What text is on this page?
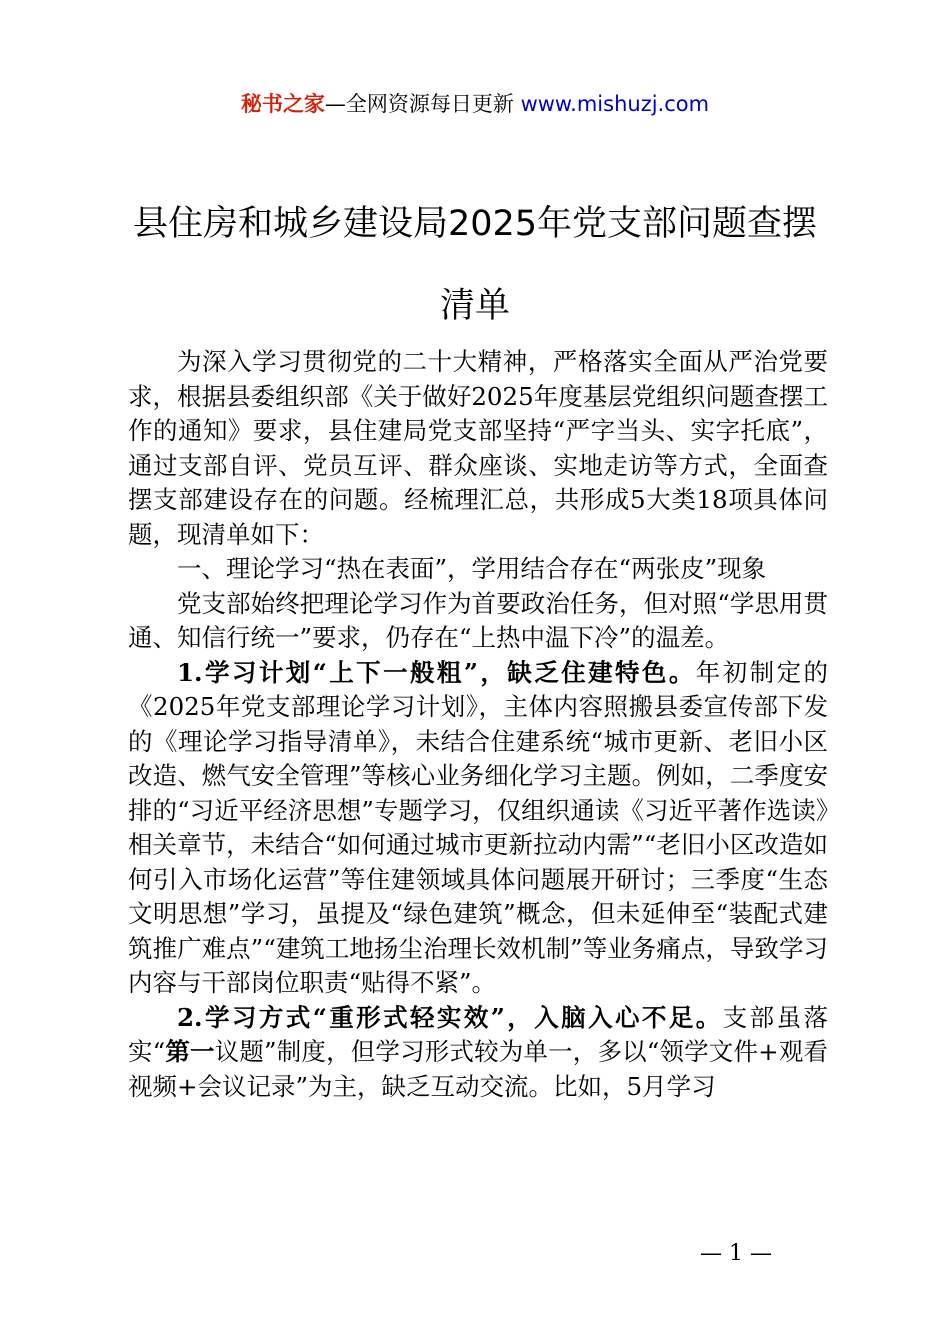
秘书之家—全网资源每日更新 www.mishuzj.com
县住房和城乡建设局2025年党支部问题查摆
清单

为深入学习贯彻党的二十大精神，严格落实全面从严治党要求，根据县委组织部《关于做好2025年度基层党组织问题查摆工作的通知》要求，县住建局党支部坚持“严字当头、实字托底”，通过支部自评、党员互评、群众座谈、实地走访等方式，全面查摆支部建设存在的问题。经梳理汇总，共形成5大类18项具体问题，现清单如下：

一、理论学习“热在表面”，学用结合存在“两张皮”现象

党支部始终把理论学习作为首要政治任务，但对照“学思用贯通、知信行统一”要求，仍存在“上热中温下冷”的温差。

1.学习计划“上下一般粗”，缺乏住建特色。年初制定的《2025年党支部理论学习计划》，主体内容照搬县委宣传部下发的《理论学习指导清单》，未结合住建系统“城市更新、老旧小区改造、燃气安全管理”等核心业务细化学习主题。例如，二季度安排的“习近平经济思想”专题学习，仅组织通读《习近平著作选读》相关章节，未结合“如何通过城市更新拉动内需”“老旧小区改造如何引入市场化运营”等住建领域具体问题展开研讨；三季度“生态文明思想”学习，虽提及“绿色建筑”概念，但未延伸至“装配式建筑推广难点”“建筑工地扬尘治理长效机制”等业务痛点，导致学习内容与干部岗位职责“贴得不紧”。

2.学习方式“重形式轻实效”，入脑入心不足。支部虽落实“第一议题”制度，但学习形式较为单一，多以“领学文件+观看视频+会议记录”为主，缺乏互动交流。比如，5月学习

— 1 —
